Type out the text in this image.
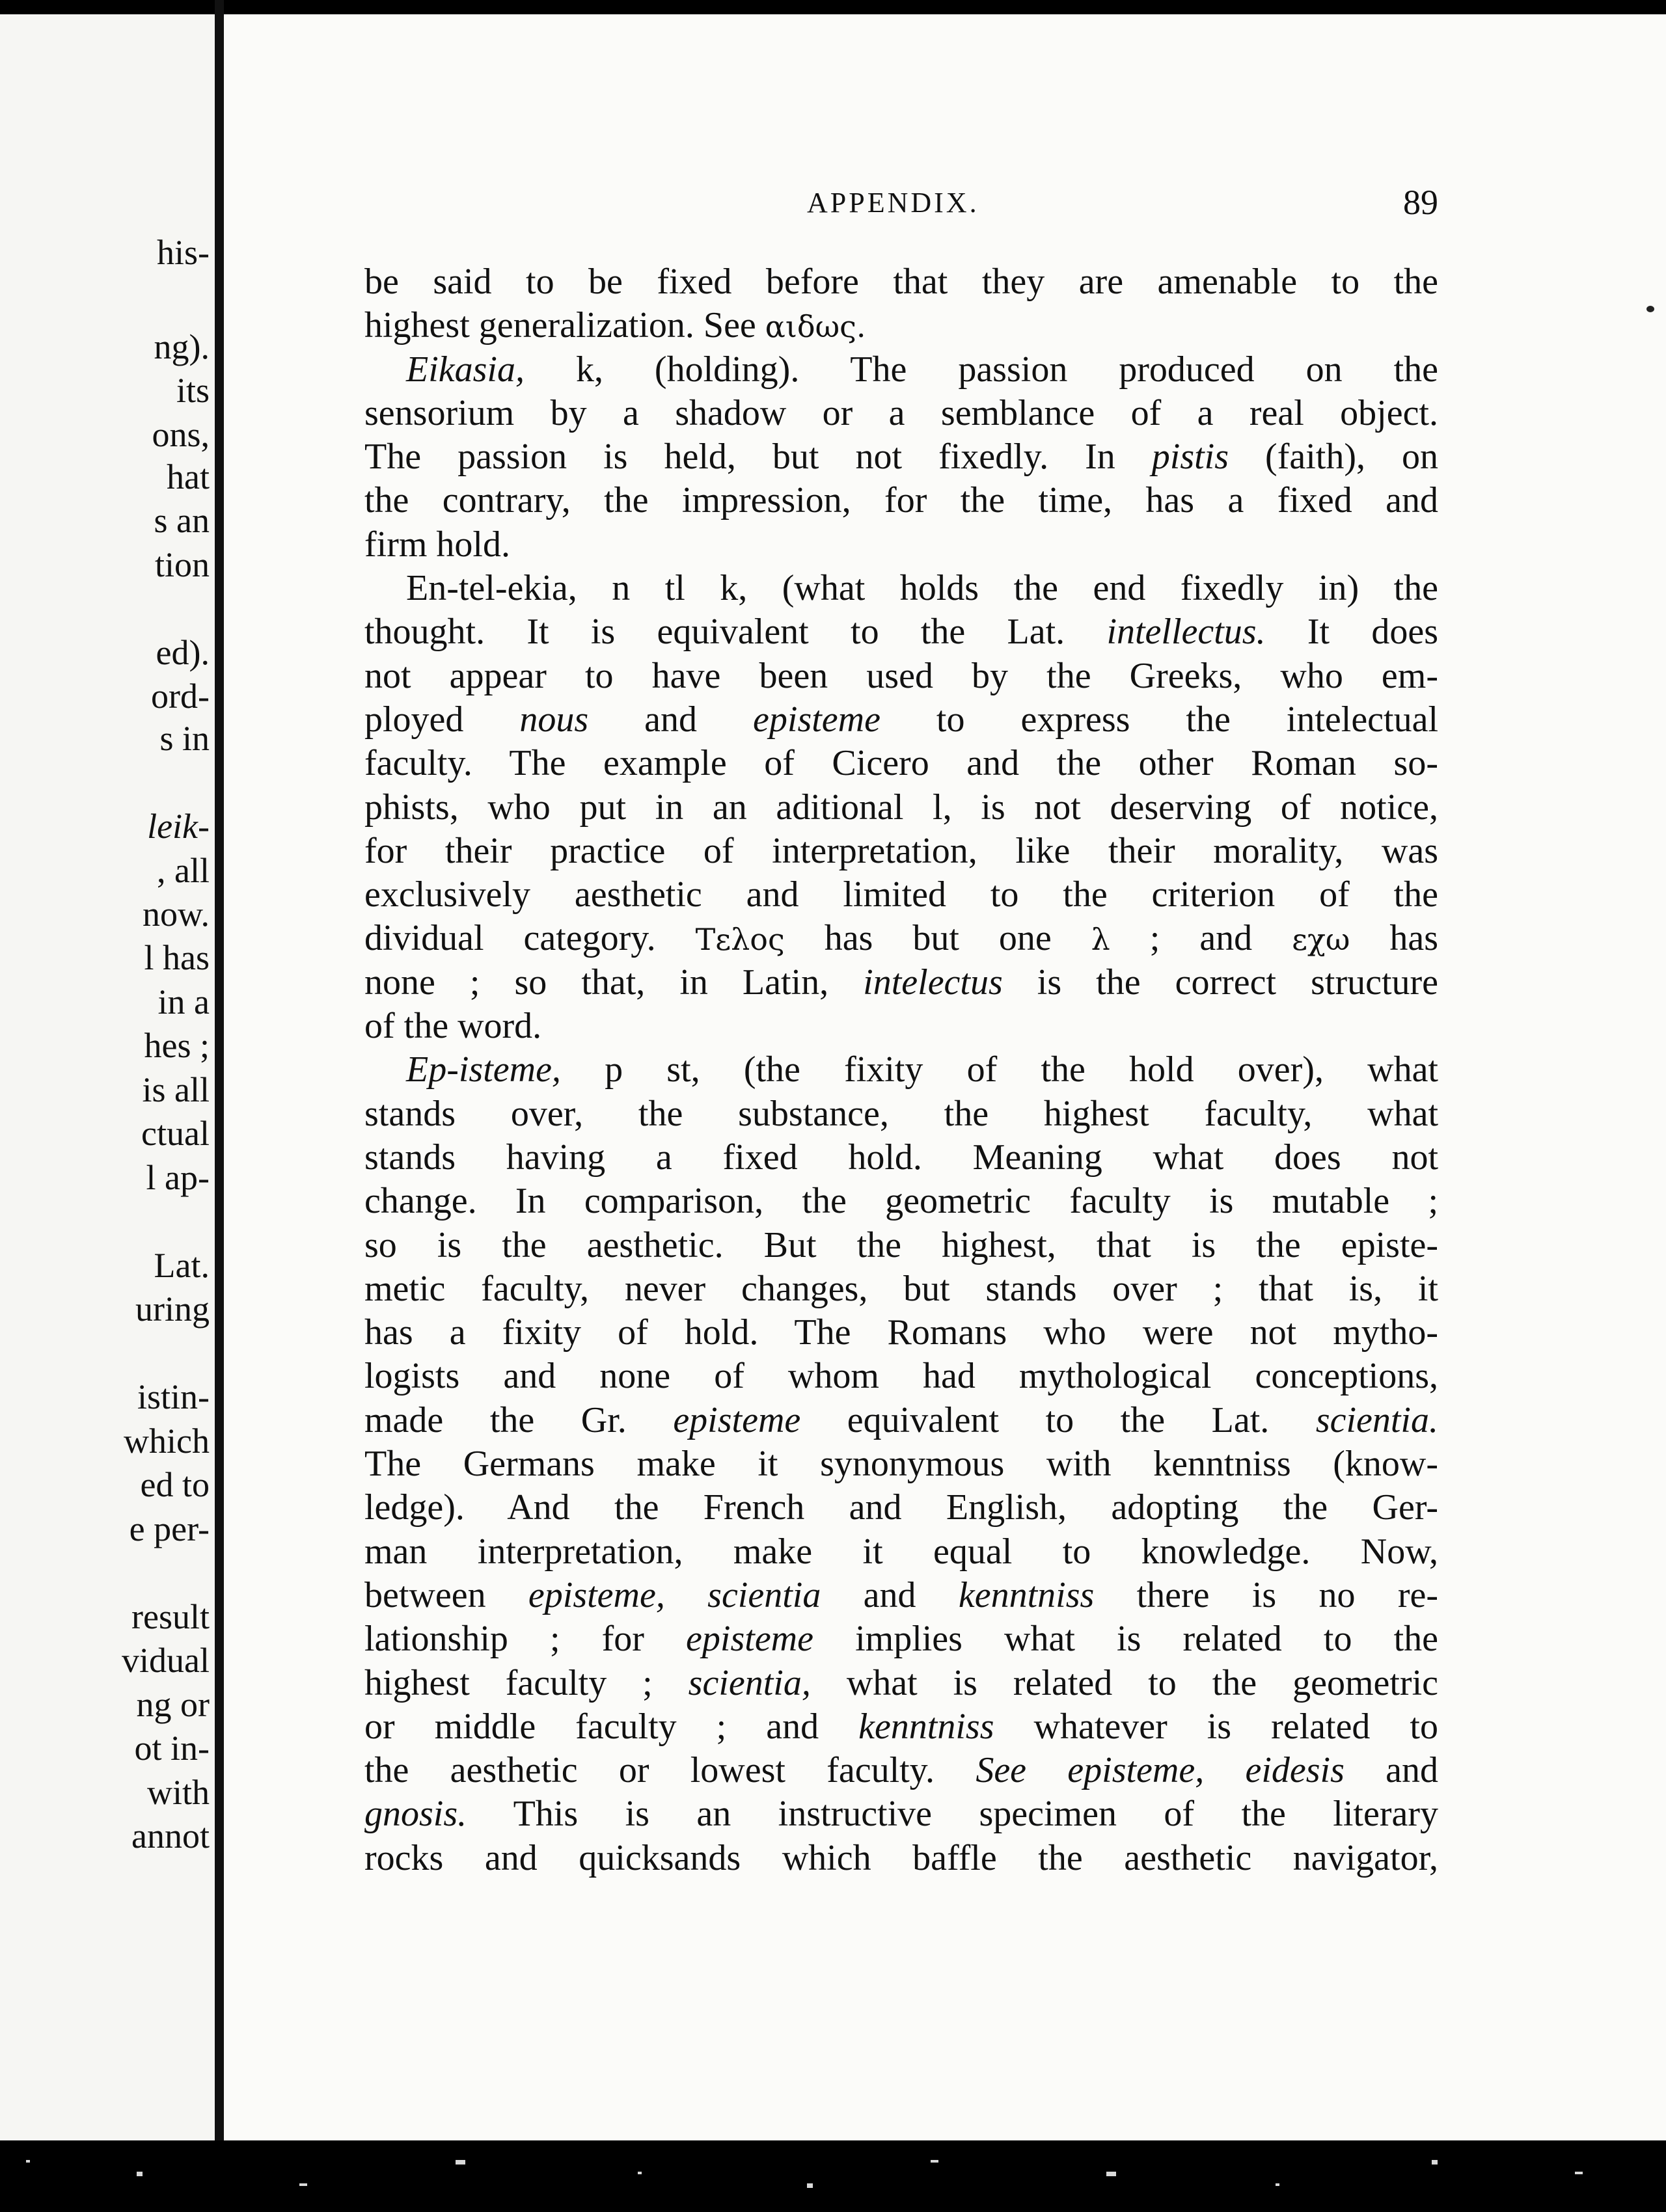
his-
ng).
its
ons,
hat
s an
tion
ed).
ord-
s in
leik-
, all
now.
l has
in a
hes ;
is all
ctual
l ap-
Lat.
uring
istin-
which
ed to
e per-
result
vidual
ng or
ot in-
with
annot
APPENDIX.	89
be said to be fixed before that they are amenable to the
highest generalization. See αιδως.
Eikasia, k, (holding). The passion produced on the
sensorium by a shadow or a semblance of a real object.
The passion is held, but not fixedly. In pistis (faith), on
the contrary, the impression, for the time, has a fixed and
firm hold.
En-tel-ekia, n tl k, (what holds the end fixedly in) the
thought. It is equivalent to the Lat. intellectus. It does
not appear to have been used by the Greeks, who em-
ployed nous and episteme to express the intelectual
faculty. The example of Cicero and the other Roman so-
phists, who put in an aditional l, is not deserving of notice,
for their practice of interpretation, like their morality, was
exclusively aesthetic and limited to the criterion of the
dividual category. Τελος has but one λ ; and εχω has
none ; so that, in Latin, intelectus is the correct structure
of the word.
Ep-isteme, p st, (the fixity of the hold over), what
stands over, the substance, the highest faculty, what
stands having a fixed hold. Meaning what does not
change. In comparison, the geometric faculty is mutable ;
so is the aesthetic. But the highest, that is the episte-
metic faculty, never changes, but stands over ; that is, it
has a fixity of hold. The Romans who were not mytho-
logists and none of whom had mythological conceptions,
made the Gr. episteme equivalent to the Lat. scientia.
The Germans make it synonymous with kenntniss (know-
ledge). And the French and English, adopting the Ger-
man interpretation, make it equal to knowledge. Now,
between episteme, scientia and kenntniss there is no re-
lationship ; for episteme implies what is related to the
highest faculty ; scientia, what is related to the geometric
or middle faculty ; and kenntniss whatever is related to
the aesthetic or lowest faculty. See episteme, eidesis and
gnosis. This is an instructive specimen of the literary
rocks and quicksands which baffle the aesthetic navigator,
